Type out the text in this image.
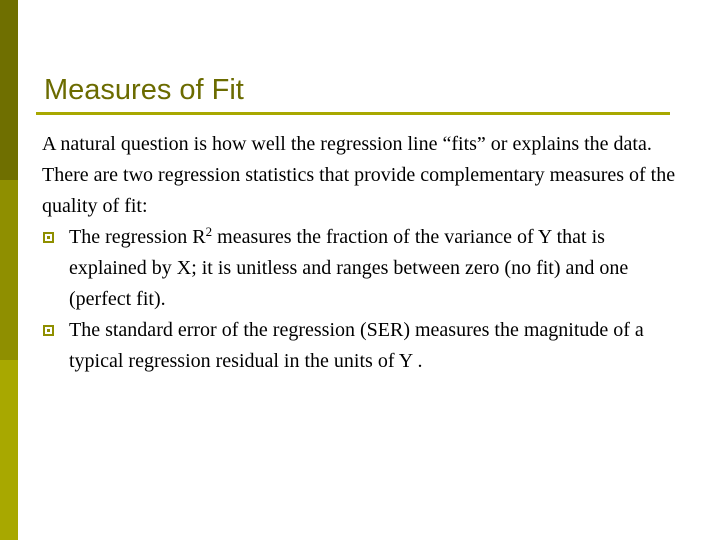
Measures of Fit

A natural question is how well the regression line “fits” or explains the data. There are two regression statistics that provide complementary measures of the quality of fit:

The regression $R^2$ measures the fraction of the variance of Y that is explained by X; it is unitless and ranges between zero (no fit) and one (perfect fit).
The standard error of the regression (SER) measures the magnitude of a typical regression residual in the units of Y .
